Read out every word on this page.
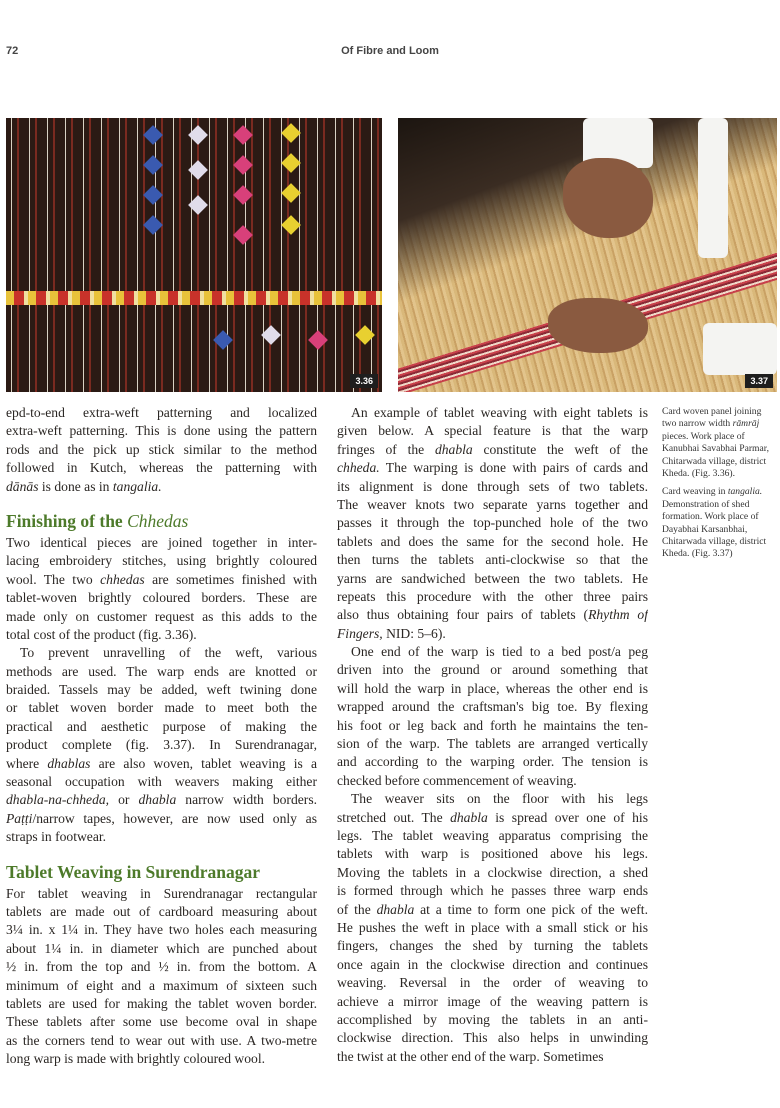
72	Of Fibre and Loom
3.36	3.37
epd-to-end extra-weft patterning and localized
extra-weft patterning. This is done using the pattern
rods and the pick up stick similar to the method
followed in Kutch, whereas the patterning with
dānās is done as in tangalia.
Finishing of the Chhedas
Two identical pieces are joined together in inter-
lacing embroidery stitches, using brightly coloured
wool. The two chhedas are sometimes finished with
tablet-woven brightly coloured borders. These are
made only on customer request as this adds to the
total cost of the product (fig. 3.36).
To prevent unravelling of the weft, various
methods are used. The warp ends are knotted or
braided. Tassels may be added, weft twining done
or tablet woven border made to meet both the
practical and aesthetic purpose of making the
product complete (fig. 3.37). In Surendranagar,
where dhablas are also woven, tablet weaving is a
seasonal occupation with weavers making either
dhabla-na-chheda, or dhabla narrow width borders.
Paṭṭi/narrow tapes, however, are now used only as
straps in footwear.
Tablet Weaving in Surendranagar
For tablet weaving in Surendranagar rectangular
tablets are made out of cardboard measuring about
3¼ in. x 1¼ in. They have two holes each measuring
about 1¼ in. in diameter which are punched about
½ in. from the top and ½ in. from the bottom. A
minimum of eight and a maximum of sixteen such
tablets are used for making the tablet woven border.
These tablets after some use become oval in shape
as the corners tend to wear out with use. A two-metre
long warp is made with brightly coloured wool.
An example of tablet weaving with eight tablets is
given below. A special feature is that the warp
fringes of the dhabla constitute the weft of the
chheda. The warping is done with pairs of cards and
its alignment is done through sets of two tablets.
The weaver knots two separate yarns together and
passes it through the top-punched hole of the two
tablets and does the same for the second hole. He
then turns the tablets anti-clockwise so that the
yarns are sandwiched between the two tablets. He
repeats this procedure with the other three pairs
also thus obtaining four pairs of tablets (Rhythm of
Fingers, NID: 5–6).
One end of the warp is tied to a bed post/a peg
driven into the ground or around something that
will hold the warp in place, whereas the other end is
wrapped around the craftsman's big toe. By flexing
his foot or leg back and forth he maintains the ten-
sion of the warp. The tablets are arranged vertically
and according to the warping order. The tension is
checked before commencement of weaving.
The weaver sits on the floor with his legs
stretched out. The dhabla is spread over one of his
legs. The tablet weaving apparatus comprising the
tablets with warp is positioned above his legs.
Moving the tablets in a clockwise direction, a shed
is formed through which he passes three warp ends
of the dhabla at a time to form one pick of the weft.
He pushes the weft in place with a small stick or his
fingers, changes the shed by turning the tablets
once again in the clockwise direction and continues
weaving. Reversal in the order of weaving to
achieve a mirror image of the weaving pattern is
accomplished by moving the tablets in an anti-
clockwise direction. This also helps in unwinding
the twist at the other end of the warp. Sometimes
Card woven panel joining two narrow width rāmrāj pieces. Work place of Kanubhai Savabhai Parmar, Chitarwada village, district Kheda. (Fig. 3.36).
Card weaving in tangalia. Demonstration of shed formation. Work place of Dayabhai Karsanbhai, Chitarwada village, district Kheda. (Fig. 3.37)
